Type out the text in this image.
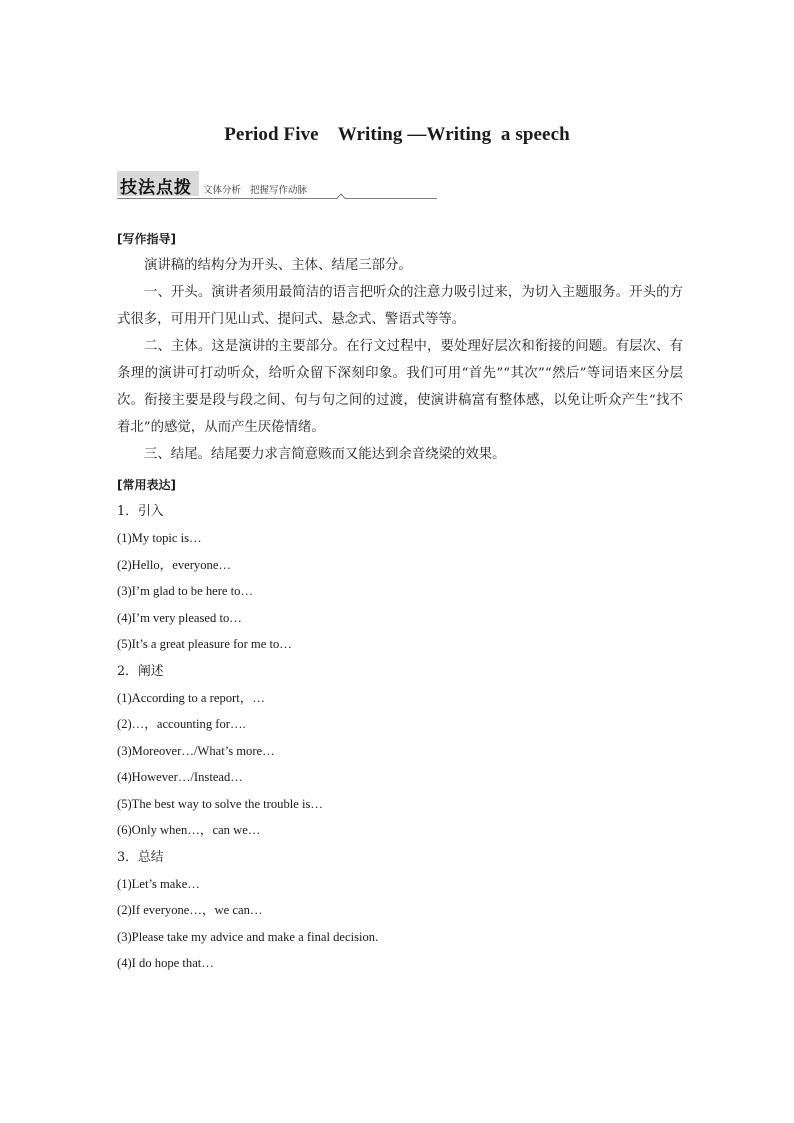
Period Five    Writing —Writing  a speech
技法点拨 文体分析   把握写作动脉
[写作指导]

演讲稿的结构分为开头、主体、结尾三部分。

一、开头。演讲者须用最简洁的语言把听众的注意力吸引过来，为切入主题服务。开头的方式很多，可用开门见山式、提问式、悬念式、警语式等等。

二、主体。这是演讲的主要部分。在行文过程中，要处理好层次和衔接的问题。有层次、有条理的演讲可打动听众，给听众留下深刻印象。我们可用“首先”“其次”“然后”等词语来区分层次。衔接主要是段与段之间、句与句之间的过渡，使演讲稿富有整体感，以免让听众产生“找不着北”的感觉，从而产生厌倦情绪。

三、结尾。结尾要力求言简意赅而又能达到余音绕梁的效果。

[常用表达]
1．引入
(1)My topic is…
(2)Hello，everyone…
(3)I’m glad to be here to…
(4)I’m very pleased to…
(5)It’s a great pleasure for me to…
2．阐述
(1)According to a report，…
(2)…，accounting for….
(3)Moreover…/What’s more…
(4)However…/Instead…
(5)The best way to solve the trouble is…
(6)Only when…，can we…
3．总结
(1)Let’s make…
(2)If everyone…，we can…
(3)Please take my advice and make a final decision.
(4)I do hope that…
